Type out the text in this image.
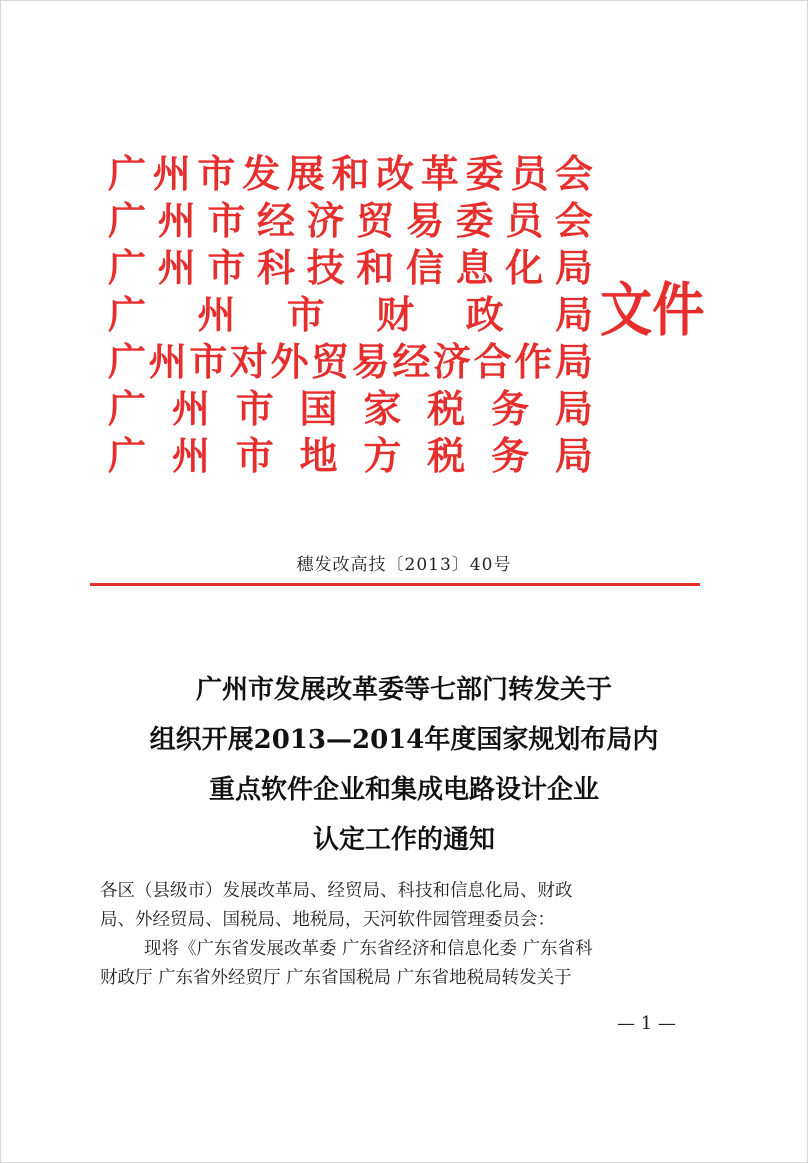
广 州 市 发 展 和 改 革 委 员 会
广 州 市 经 济 贸 易 委 员 会
广 州 市 科 技 和 信 息 化 局
广 州 市 财 政 局
广 州 市 对 外 贸 易 经 济 合 作 局
广 州 市 国 家 税 务 局
广 州 市 地 方 税 务 局
文件
穗发改高技〔2013〕40号
广州市发展改革委等七部门转发关于
组织开展2013—2014年度国家规划布局内
重点软件企业和集成电路设计企业
认定工作的通知
各区（县级市）发展改革局、经贸局、科技和信息化局、财政
局、外经贸局、国税局、地税局，天河软件园管理委员会：
现将《广东省发展改革委 广东省经济和信息化委 广东省科
财政厅 广东省外经贸厅 广东省国税局 广东省地税局转发关于
— 1 —
